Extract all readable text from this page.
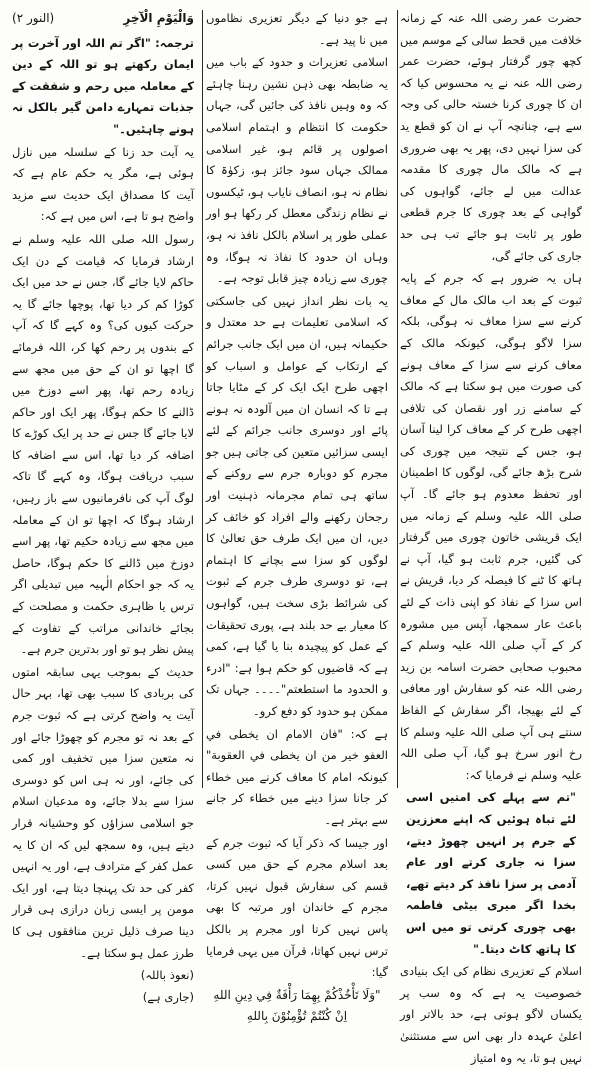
حضرت عمر رضی اللہ عنہ کے زمانہ خلافت میں قحط سالی کے موسم میں کچھ چور گرفتار ہوئے، حضرت عمر رضی اللہ عنہ نے یہ محسوس کیا کہ ان کا چوری کرنا خستہ حالی کی وجہ سے ہے، چنانچہ آپ نے ان کو قطع ید کی سزا نہیں دی، پھر یہ بھی ضروری ہے کہ مالک مال چوری کا مقدمہ عدالت میں لے جائے، گواہوں کی گواہی کے بعد چوری کا جرم قطعی طور پر ثابت ہو جائے تب ہی حد جاری کی جائے گی،

ہاں یہ ضرور ہے کہ جرم کے پایہ ثبوت کے بعد اب مالک مال کے معاف کرنے سے سزا معاف نہ ہوگی، بلکہ سزا لاگو ہوگی، کیونکہ مالک کے معاف کرنے سے سزا کے معاف ہونے کی صورت میں ہو سکتا ہے کہ مالک کے سامنے زر اور نقصان کی تلافی اچھی طرح کر کے معاف کرا لینا آسان ہو، جس کے نتیجہ میں چوری کی شرح بڑھ جائے گی، لوگوں کا اطمینان اور تحفظ معدوم ہو جائے گا۔ آپ صلی اللہ علیہ وسلم کے زمانہ میں ایک قریشی خاتون چوری میں گرفتار کی گئیں، جرم ثابت ہو گیا، آپ نے ہاتھ کا ٹنے کا فیصلہ کر دیا، قریش نے اس سزا کے نفاذ کو اپنی ذات کے لئے باعث عار سمجھا، آپس میں مشورہ کر کے آپ صلی اللہ علیہ وسلم کے محبوب صحابی حضرت اسامہ بن زید رضی اللہ عنہ کو سفارش اور معافی کے لئے بھیجا، اگر سفارش کے الفاظ سنتے ہی آپ صلی اللہ علیہ وسلم کا رخ انور سرخ ہو گیا، آپ صلی اللہ علیہ وسلم نے فرمایا کہ:

"تم سے پہلے کی امتیں اسی لئے تباہ ہوئیں کہ اپنے معززین کے جرم پر انہیں چھوڑ دیتے، سزا نہ جاری کرتے اور عام آدمی پر سزا نافذ کر دیتے تھے، بخدا اگر میری بیٹی فاطمہ بھی چوری کرتی تو میں اس کا ہاتھ کاٹ دیتا۔"

اسلام کے تعزیری نظام کی ایک بنیادی خصوصیت یہ ہے کہ وہ سب پر یکساں لاگو ہوتی ہے، حد بالاتر اور اعلیٰ عہدہ دار بھی اس سے مستثنیٰ نہیں ہو تا، یہ وہ امتیاز

ہے جو دنیا کے دیگر تعزیری نظاموں میں نا پید ہے۔

اسلامی تعزیرات و حدود کے باب میں یہ ضابطہ بھی ذہن نشین رہنا چاہئے کہ وہ وہیں نافذ کی جائیں گی، جہاں حکومت کا انتظام و اہتمام اسلامی اصولوں پر قائم ہو، غیر اسلامی ممالک جہاں سود جائز ہو، زکوٰۃ کا نظام نہ ہو، انصاف نایاب ہو، ٹیکسوں نے نظام زندگی معطل کر رکھا ہو اور عملی طور پر اسلام بالکل نافذ نہ ہو، وہاں ان حدود کا نفاذ نہ ہوگا، وہ چوری سے زیادہ چیز قابل توجہ ہے۔

یہ بات نظر انداز نہیں کی جاسکتی کہ اسلامی تعلیمات ہے حد معتدل و حکیمانہ ہیں، ان میں ایک جانب جرائم کے ارتکاب کے عوامل و اسباب کو اچھی طرح ایک ایک کر کے مٹایا جاتا ہے تا کہ انسان ان میں آلودہ نہ ہونے پائے اور دوسری جانب جرائم کے لئے ایسی سزائیں متعین کی جاتی ہیں جو مجرم کو دوبارہ جرم سے روکنے کے ساتھ ہی تمام مجرمانہ ذہنیت اور رجحان رکھنے والے افراد کو خائف کر دیں، ان میں ایک طرف حق تعالیٰ کا لوگوں کو سزا سے بچانے کا اہتمام ہے، تو دوسری طرف جرم کے ثبوت کی شرائط بڑی سخت ہیں، گواہوں کا معیار بے حد بلند ہے، پوری تحقیقات کے عمل کو پیچیدہ بنا یا گیا ہے، کمی ہے کہ قاضیوں کو حکم ہوا ہے: "ادرء و الحدود ما استطعتم"۔۔۔۔ جہاں تک ممکن ہو حدود کو دفع کرو۔

ہے کہ: "فان الامام ان يخطى في العفو خير من ان يخطى في العقوبة" کیونکہ امام کا معاف کرنے میں خطاء کر جانا سزا دینے میں خطاء کر جانے سے بہتر ہے۔

اور جیسا کہ ذکر آیا کہ ثبوت جرم کے بعد اسلام مجرم کے حق میں کسی قسم کی سفارش قبول نہیں کرتا، مجرم کے خاندان اور مرتبہ کا بھی پاس نہیں کرتا اور مجرم پر بالکل ترس نہیں کھاتا، قرآن میں یہی فرمایا گیا:

"وَلَا تَأْخُذْكُمْ بِهِمَا رَأْفَةٌ فِي دِينِ اللهِ اِنْ كُنْتُمْ تُؤْمِنُوْنَ بِاللهِ

وَالْيَوْمِ الْآخِرِ
(النور ۲)

ترجمہ: "اگر تم اللہ اور آخرت پر ایمان رکھتے ہو تو اللہ کے دین کے معاملہ میں رحم و شفقت کے جذبات تمہارے دامن گیر بالکل نہ ہونے چاہئیں۔"

یہ آیت حد زنا کے سلسلہ میں نازل ہوئی ہے، مگر یہ حکم عام ہے کہ آیت کا مصداق ایک حدیث سے مزید واضح ہو تا ہے، اس میں ہے کہ:

رسول اللہ صلی اللہ علیہ وسلم نے ارشاد فرمایا کہ قیامت کے دن ایک حاکم لایا جائے گا، جس نے حد میں ایک کوڑا کم کر دیا تھا، پوچھا جائے گا یہ حرکت کیوں کی؟ وہ کہے گا کہ آپ کے بندوں پر رحم کھا کر، اللہ فرمائے گا اچھا تو ان کے حق میں مجھ سے زیادہ رحم تھا، پھر اسے دوزخ میں ڈالنے کا حکم ہوگا، پھر ایک اور حاکم لایا جائے گا جس نے حد پر ایک کوڑے کا اضافہ کر دیا تھا، اس سے اضافہ کا سبب دریافت ہوگا، وہ کہے گا تاکہ لوگ آپ کی نافرمانیوں سے باز رہیں، ارشاد ہوگا کہ اچھا تو ان کے معاملہ میں مجھ سے زیادہ حکیم تھا، پھر اسے دوزخ میں ڈالنے کا حکم ہوگا، حاصل یہ کہ جو احکام الٰہیہ میں تبدیلی اگر ترس یا ظاہری حکمت و مصلحت کے بجائے خاندانی مراتب کے تفاوت کے پیش نظر ہو تو اور بدترین جرم ہے۔

حدیث کے بموجب یہی سابقہ امتوں کی بربادی کا سبب بھی تھا، بہر حال آیت یہ واضح کرتی ہے کہ ثبوت جرم کے بعد نہ تو مجرم کو چھوڑا جائے اور نہ متعین سزا میں تخفیف اور کمی کی جائے، اور نہ ہی اس کو دوسری سزا سے بدلا جائے، وہ مدعیان اسلام جو اسلامی سزاؤں کو وحشیانہ قرار دیتے ہیں، وہ سمجھ لیں کہ ان کا یہ عمل کفر کے مترادف ہے، اور یہ انہیں کفر کی حد تک پہنچا دیتا ہے، اور ایک مومن پر ایسی زبان درازی ہی قرار دینا صرف ذلیل ترین منافقوں ہی کا طرز عمل ہو سکتا ہے۔

(نعوذ باللہ)
(جاری ہے)
